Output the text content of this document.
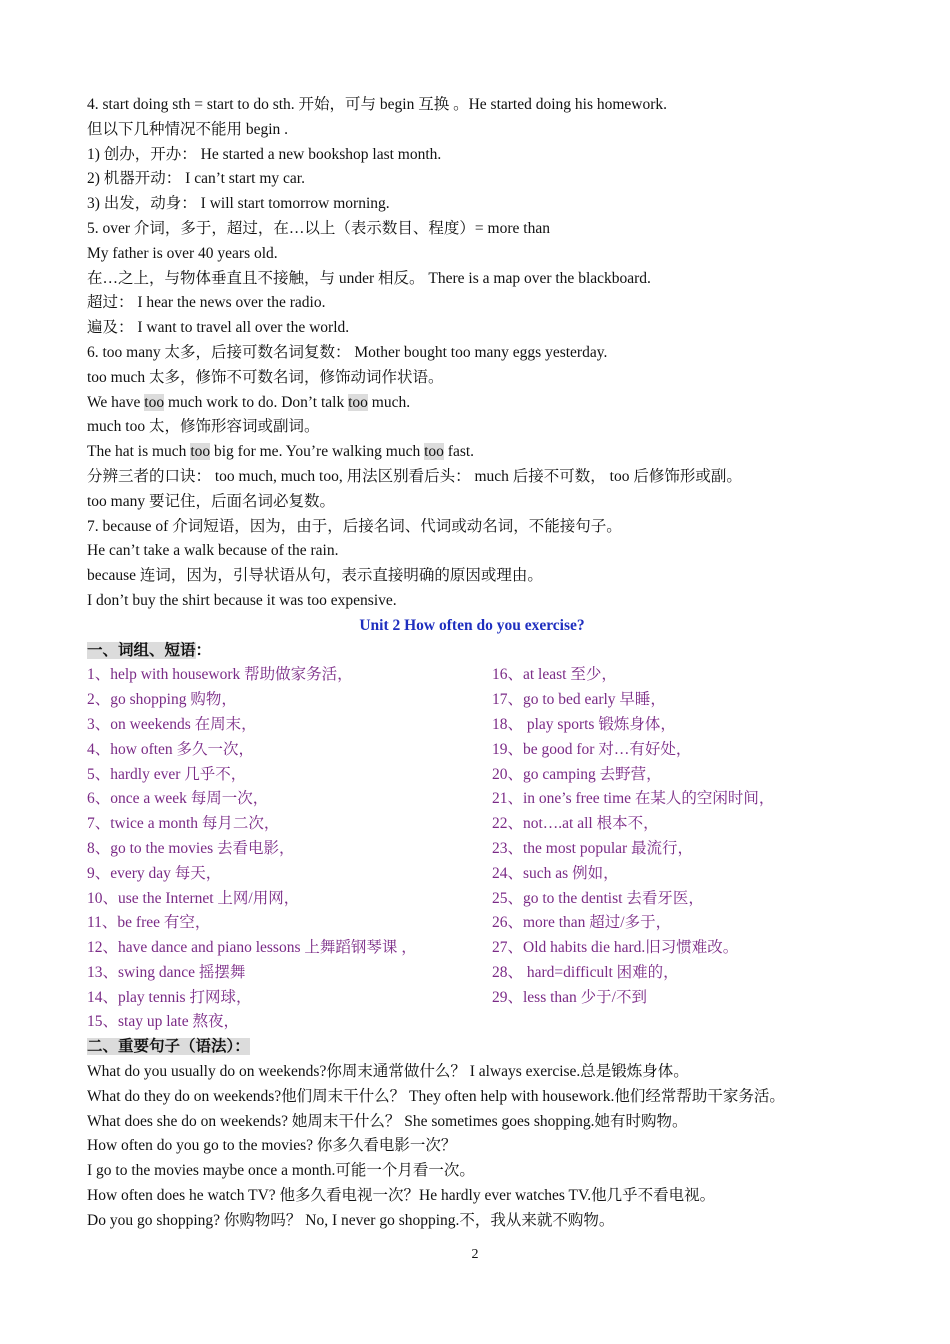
4. start doing sth = start to do sth. 开始，可与 begin 互换 。He started doing his homework.
但以下几种情况不能用 begin .
1) 创办，开办： He started a new bookshop last month.
2) 机器开动： I can’t start my car.
3) 出发，动身： I will start tomorrow morning.
5. over 介词，多于，超过，在…以上（表示数目、程度）= more than
My father is over 40 years old.
在…之上，与物体垂直且不接触，与 under 相反。 There is a map over the blackboard.
超过： I hear the news over the radio.
遍及： I want to travel all over the world.
6. too many 太多，后接可数名词复数： Mother bought too many eggs yesterday.
too much 太多，修饰不可数名词，修饰动词作状语。
We have too much work to do. Don’t talk too much.
much too 太，修饰形容词或副词。
The hat is much too big for me. You’re walking much too fast.
分辨三者的口诀： too much, much too, 用法区别看后头： much 后接不可数， too 后修饰形或副。
too many 要记住，后面名词必复数。
7. because of 介词短语，因为，由于，后接名词、代词或动名词，不能接句子。
He can’t take a walk because of the rain.
because 连词，因为，引导状语从句，表示直接明确的原因或理由。
I don’t buy the shirt because it was too expensive.
Unit 2 How often do you exercise?
一、词组、短语：
1、help with housework 帮助做家务活，	16、at least 至少，
2、go shopping 购物，	17、go to bed early 早睡，
3、on weekends 在周末，	18、 play sports 锻炼身体，
4、how often 多久一次，	19、be good for 对…有好处，
5、hardly ever 几乎不，	20、go camping 去野营，
6、once a week 每周一次，	21、in one’s free time 在某人的空闲时间，
7、twice a month 每月二次，	22、not….at all 根本不，
8、go to the movies 去看电影，	23、the most popular 最流行，
9、every day 每天，	24、such as 例如，
10、use the Internet 上网/用网，	25、go to the dentist 去看牙医，
11、be free 有空，	26、more than 超过/多于，
12、have dance and piano lessons 上舞蹈钢琴课 ，	27、Old habits die hard.旧习惯难改。
13、swing dance 摇摆舞	28、 hard=difficult 困难的，
14、play tennis 打网球，	29、less than 少于/不到
15、stay up late 熬夜，
二、重要句子（语法）：
What do you usually do on weekends?你周末通常做什么？ I always exercise.总是锻炼身体。
What do they do on weekends?他们周末干什么？ They often help with housework.他们经常帮助干家务活。
What does she do on weekends? 她周末干什么？ She sometimes goes shopping.她有时购物。
How often do you go to the movies? 你多久看电影一次？
I go to the movies maybe once a month.可能一个月看一次。
How often does he watch TV? 他多久看电视一次？He hardly ever watches TV.他几乎不看电视。
Do you go shopping? 你购物吗？ No, I never go shopping.不，我从来就不购物。
2
